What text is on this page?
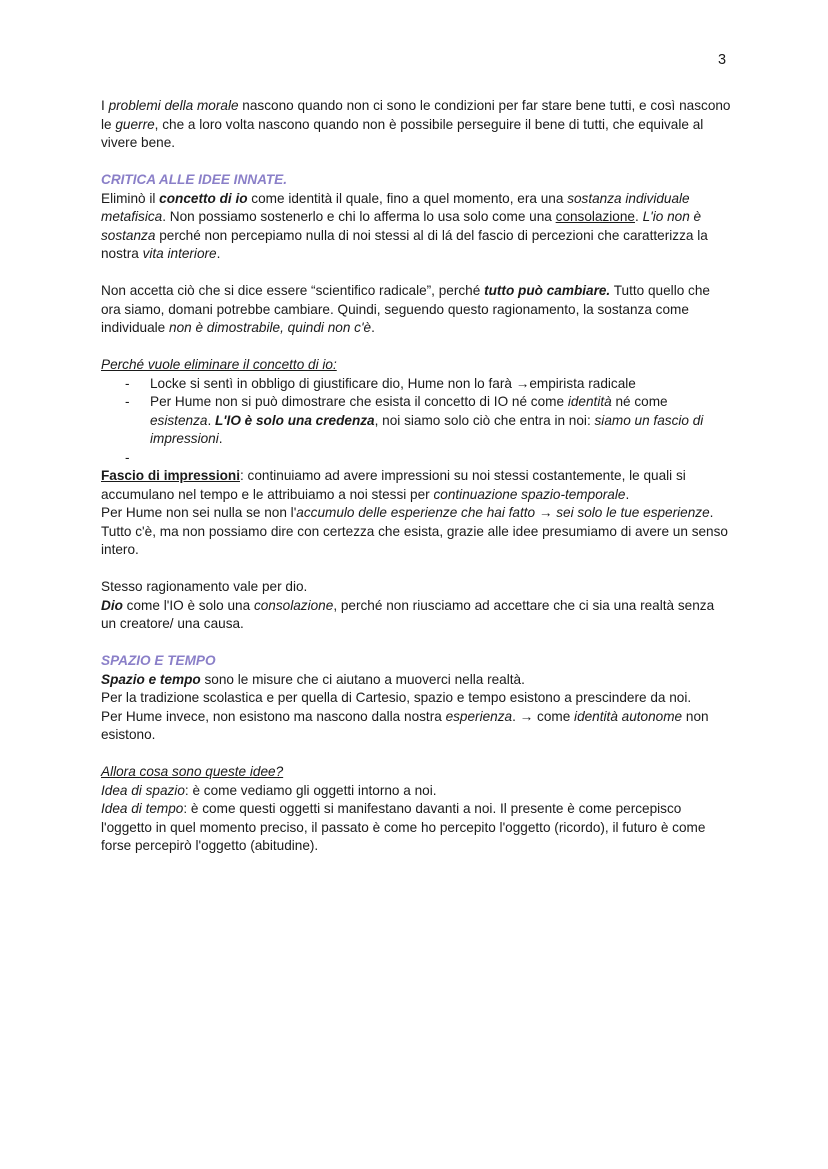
3

I problemi della morale nascono quando non ci sono le condizioni per far stare bene tutti, e così nascono le guerre, che a loro volta nascono quando non è possibile perseguire il bene di tutti, che equivale al vivere bene.

CRITICA ALLE IDEE INNATE.

Eliminò il concetto di io come identità il quale, fino a quel momento, era una sostanza individuale metafisica. Non possiamo sostenerlo e chi lo afferma lo usa solo come una consolazione. L'io non è sostanza perché non percepiamo nulla di noi stessi al di lá del fascio di percezioni che caratterizza la nostra vita interiore.

Non accetta ciò che si dice essere “scientifico radicale”, perché tutto può cambiare. Tutto quello che ora siamo, domani potrebbe cambiare. Quindi, seguendo questo ragionamento, la sostanza come individuale non è dimostrabile, quindi non c'è.

Perché vuole eliminare il concetto di io:

- Locke si sentì in obbligo di giustificare dio, Hume non lo farà →empirista radicale
- Per Hume non si può dimostrare che esista il concetto di IO né come identità né come esistenza. L'IO è solo una credenza, noi siamo solo ciò che entra in noi: siamo un fascio di impressioni.
-

Fascio di impressioni: continuiamo ad avere impressioni su noi stessi costantemente, le quali si accumulano nel tempo e le attribuiamo a noi stessi per continuazione spazio-temporale.

Per Hume non sei nulla se non l'accumulo delle esperienze che hai fatto → sei solo le tue esperienze.

Tutto c'è, ma non possiamo dire con certezza che esista, grazie alle idee presumiamo di avere un senso intero.

Stesso ragionamento vale per dio.

Dio come l'IO è solo una consolazione, perché non riusciamo ad accettare che ci sia una realtà senza un creatore/ una causa.

SPAZIO E TEMPO

Spazio e tempo sono le misure che ci aiutano a muoverci nella realtà.

Per la tradizione scolastica e per quella di Cartesio, spazio e tempo esistono a prescindere da noi.

Per Hume invece, non esistono ma nascono dalla nostra esperienza. → come identità autonome non esistono.

Allora cosa sono queste idee?

Idea di spazio: è come vediamo gli oggetti intorno a noi.

Idea di tempo: è come questi oggetti si manifestano davanti a noi. Il presente è come percepisco l'oggetto in quel momento preciso, il passato è come ho percepito l'oggetto (ricordo), il futuro è come forse percepirò l'oggetto (abitudine).
